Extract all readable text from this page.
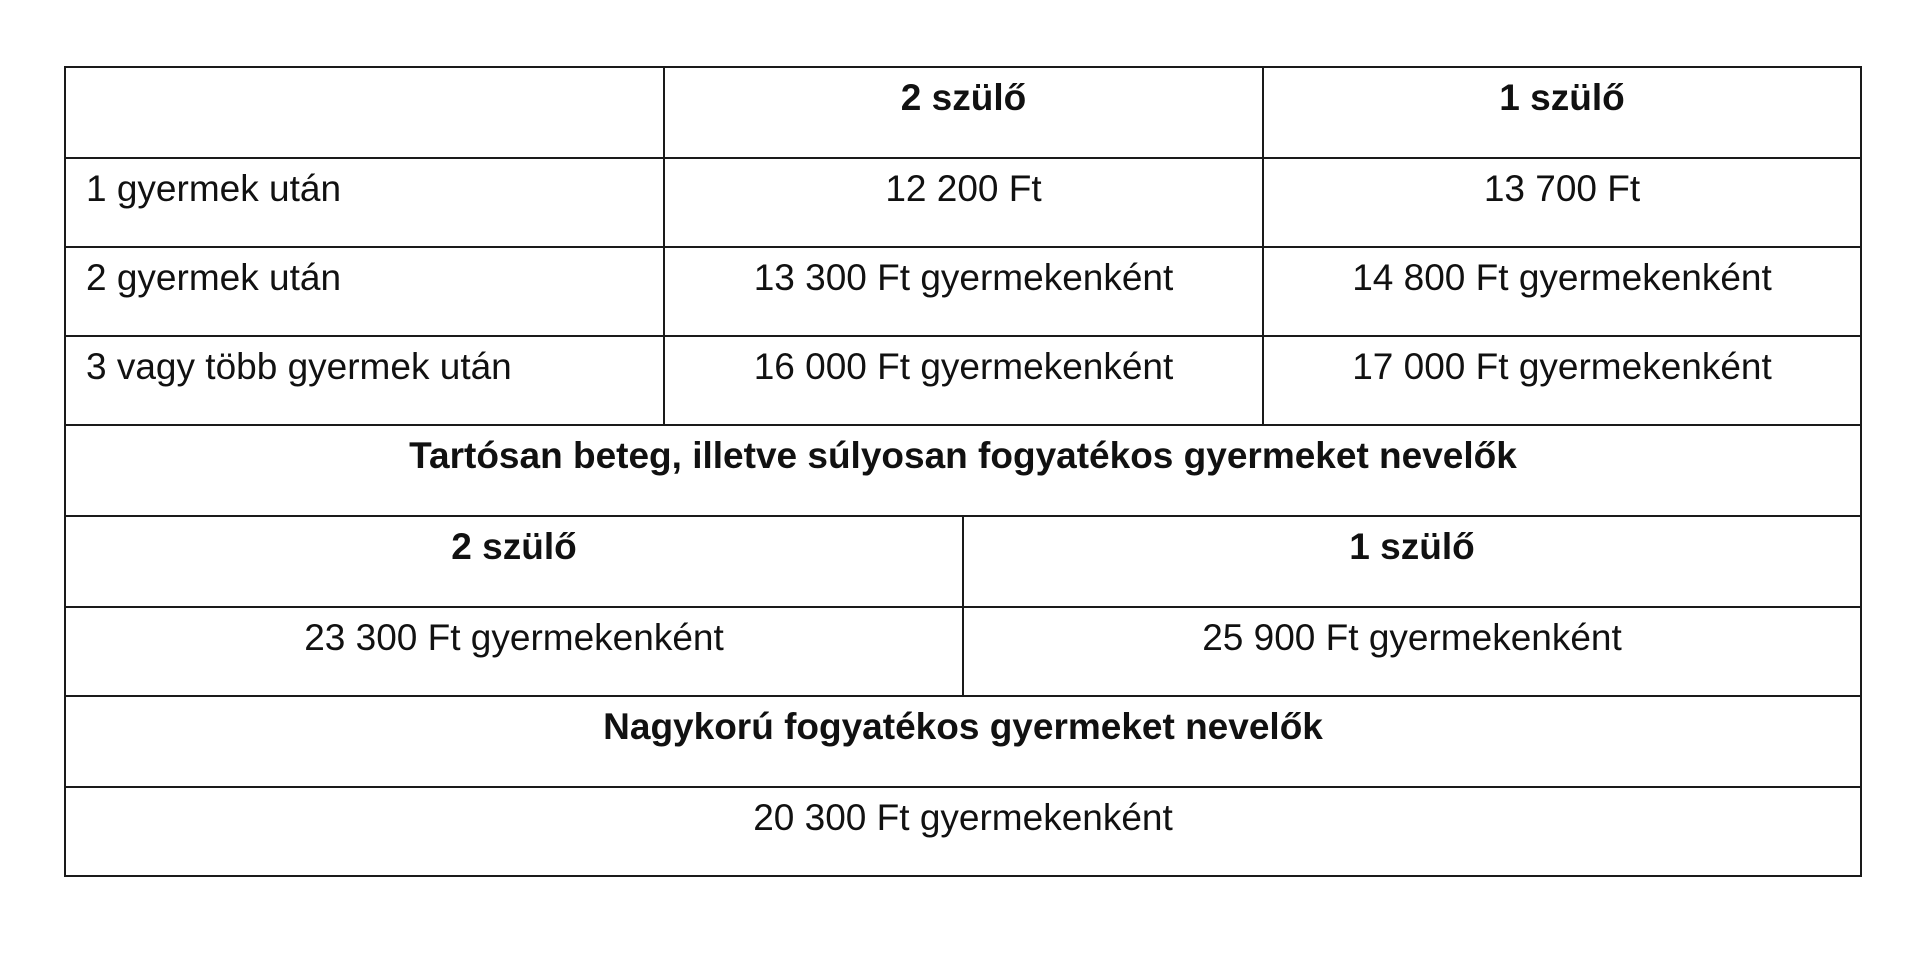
	2 szülő		1 szülő
1 gyermek után	12 200 Ft		13 700 Ft
2 gyermek után	13 300 Ft gyermekenként		14 800 Ft gyermekenként
3 vagy több gyermek után	16 000 Ft gyermekenként		17 000 Ft gyermekenként
Tartósan beteg, illetve súlyosan fogyatékos gyermeket nevelők			
2 szülő		1 szülő	
23 300 Ft gyermekenként		25 900 Ft gyermekenként	
Nagykorú fogyatékos gyermeket nevelők			
20 300 Ft gyermekenként			
